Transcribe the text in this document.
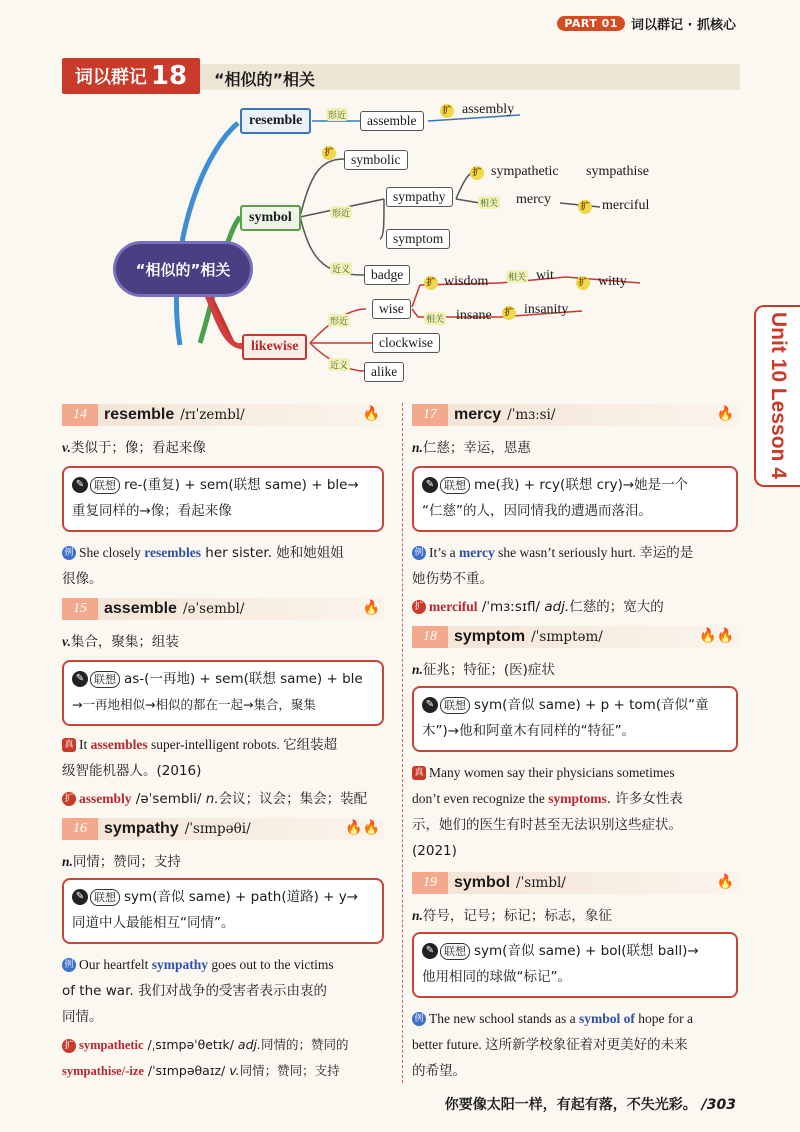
PART 01	词以群记 · 抓核心
词以群记 18 “相似的”相关
“相似的”相关
resemble	形近	assemble
扩 assembly
symbol
扩	symbolic
形近
sympathy
扩 sympathetic sympathise
相关 mercy	扩 merciful
symptom
近义	badge
扩 wisdom 相关 wit	扩 witty
likewise
形近
wise
相关 insane 扩 insanity
clockwise
近义	alike	Unit 10 Lesson 4
14	resemble /rɪˈzembl/	🔥
v.类似于；像；看起来像
✎ 联想 re-(重复) + sem(联想 same) + ble→
重复同样的→像；看起来像
例 She closely resembles her sister. 她和她姐姐
很像。
15	assemble /əˈsembl/	🔥
v.集合，聚集；组装
✎ 联想 as-(一再地) + sem(联想 same) + ble
→一再地相似→相似的都在一起→集合，聚集
真 It assembles super-intelligent robots. 它组装超
级智能机器人。(2016)
扩 assembly /əˈsembli/ n.会议；议会；集会；装配
16	sympathy /ˈsɪmpəθi/	🔥🔥
n.同情；赞同；支持
✎ 联想 sym(音似 same) + path(道路) + y→
同道中人最能相互“同情”。
例 Our heartfelt sympathy goes out to the victims
of the war. 我们对战争的受害者表示由衷的
同情。
扩 sympathetic /ˌsɪmpəˈθetɪk/ adj.同情的；赞同的
sympathise/-ize /ˈsɪmpəθaɪz/ v.同情；赞同；支持
17	mercy /ˈmɜːsi/	🔥
n.仁慈；幸运，恩惠
✎ 联想 me(我) + rcy(联想 cry)→她是一个
“仁慈”的人，因同情我的遭遇而落泪。
例 It’s a mercy she wasn’t seriously hurt. 幸运的是
她伤势不重。
扩 merciful /ˈmɜːsɪfl/ adj.仁慈的；宽大的
18	symptom /ˈsɪmptəm/	🔥🔥
n.征兆；特征；(医)症状
✎ 联想 sym(音似 same) + p + tom(音似“童
木”)→他和阿童木有同样的“特征”。
真 Many women say their physicians sometimes
don’t even recognize the symptoms. 许多女性表
示，她们的医生有时甚至无法识别这些症状。
(2021)
19	symbol /ˈsɪmbl/	🔥
n.符号，记号；标记；标志，象征
✎ 联想 sym(音似 same) + bol(联想 ball)→
他用相同的球做“标记”。
例 The new school stands as a symbol of hope for a
better future. 这所新学校象征着对更美好的未来
的希望。
你要像太阳一样，有起有落，不失光彩。 /303
